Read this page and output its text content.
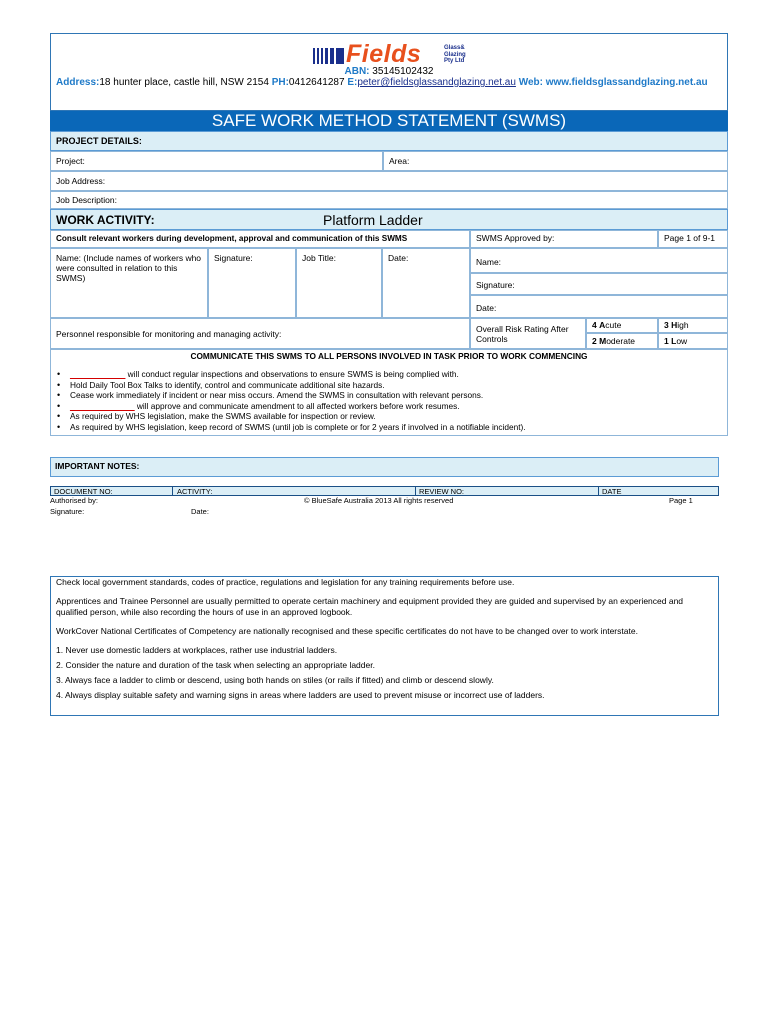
Fields	Glass&
Glazing
Pty Ltd
ABN: 35145102432
Address:18 hunter place, castle hill, NSW 2154 PH:0412641287 E:peter@fieldsglassandglazing.net.au Web: www.fieldsglassandglazing.net.au
SAFE WORK METHOD STATEMENT (SWMS)
PROJECT DETAILS:
Project:	Area:
Job Address:
Job Description:
WORK ACTIVITY:	Platform Ladder
Consult relevant workers during development, approval and communication of this SWMS	SWMS Approved by:	Page 1 of 9-1
Name: (Include names of workers who were consulted in relation to this SWMS)
Signature:	Job Title:	Date:	Name:
Signature:
Date:
Personnel responsible for monitoring and managing activity:	Overall Risk Rating After Controls
4 Acute	3 High
2 Moderate	1 Low
COMMUNICATE THIS SWMS TO ALL PERSONS INVOLVED IN TASK PRIOR TO WORK COMMENCING
• ____________ will conduct regular inspections and observations to ensure SWMS is being complied with.
• Hold Daily Tool Box Talks to identify, control and communicate additional site hazards.
• Cease work immediately if incident or near miss occurs. Amend the SWMS in consultation with relevant persons.
• ______________ will approve and communicate amendment to all affected workers before work resumes.
• As required by WHS legislation, make the SWMS available for inspection or review.
• As required by WHS legislation, keep record of SWMS (until job is complete or for 2 years if involved in a notifiable incident).
IMPORTANT NOTES:
DOCUMENT NO:	ACTIVITY:	REVIEW NO:	DATE
Authorised by:	© BlueSafe Australia 2013 All rights reserved	Page 1
Signature:	Date:

Check local government standards, codes of practice, regulations and legislation for any training requirements before use.

Apprentices and Trainee Personnel are usually permitted to operate certain machinery and equipment provided they are guided and supervised by an experienced and qualified person, while also recording the hours of use in an approved logbook.

WorkCover National Certificates of Competency are nationally recognised and these specific certificates do not have to be changed over to work interstate.

1. Never use domestic ladders at workplaces, rather use industrial ladders.

2. Consider the nature and duration of the task when selecting an appropriate ladder.

3. Always face a ladder to climb or descend, using both hands on stiles (or rails if fitted) and climb or descend slowly.

4. Always display suitable safety and warning signs in areas where ladders are used to prevent misuse or incorrect use of ladders.
